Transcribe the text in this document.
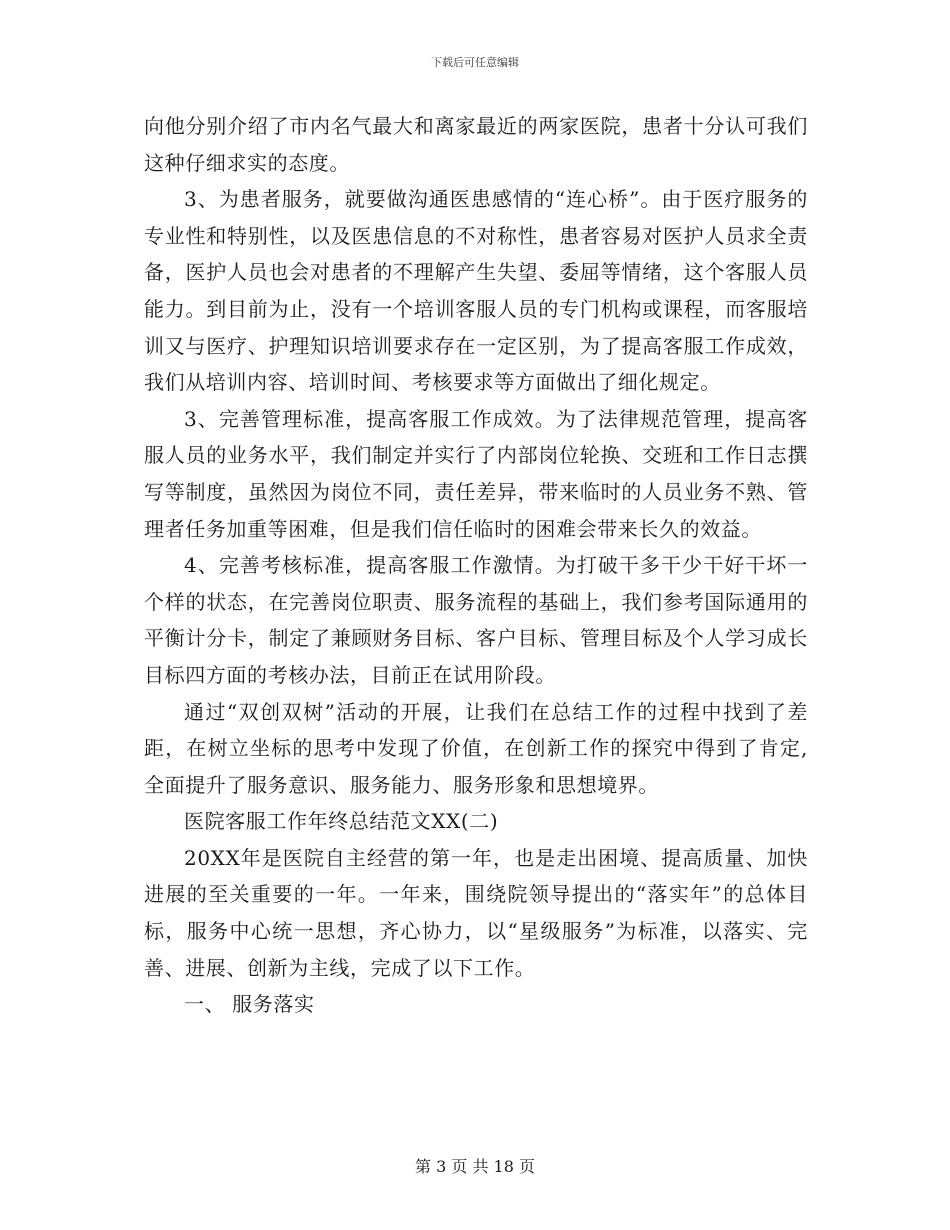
下载后可任意编辑

向他分别介绍了市内名气最大和离家最近的两家医院，患者十分认可我们这种仔细求实的态度。

3、为患者服务，就要做沟通医患感情的“连心桥”。由于医疗服务的专业性和特别性，以及医患信息的不对称性，患者容易对医护人员求全责备，医护人员也会对患者的不理解产生失望、委屈等情绪，这个客服人员能力。到目前为止，没有一个培训客服人员的专门机构或课程，而客服培训又与医疗、护理知识培训要求存在一定区别，为了提高客服工作成效，我们从培训内容、培训时间、考核要求等方面做出了细化规定。

3、完善管理标准，提高客服工作成效。为了法律规范管理，提高客服人员的业务水平，我们制定并实行了内部岗位轮换、交班和工作日志撰写等制度，虽然因为岗位不同，责任差异，带来临时的人员业务不熟、管理者任务加重等困难，但是我们信任临时的困难会带来长久的效益。

4、完善考核标准，提高客服工作激情。为打破干多干少干好干坏一个样的状态，在完善岗位职责、服务流程的基础上，我们参考国际通用的平衡计分卡，制定了兼顾财务目标、客户目标、管理目标及个人学习成长目标四方面的考核办法，目前正在试用阶段。

通过“双创双树”活动的开展，让我们在总结工作的过程中找到了差距，在树立坐标的思考中发现了价值，在创新工作的探究中得到了肯定,全面提升了服务意识、服务能力、服务形象和思想境界。

医院客服工作年终总结范文XX(二)

20XX年是医院自主经营的第一年，也是走出困境、提高质量、加快进展的至关重要的一年。一年来，围绕院领导提出的“落实年”的总体目标，服务中心统一思想，齐心协力，以“星级服务”为标准，以落实、完善、进展、创新为主线，完成了以下工作。

一、 服务落实

第 3 页 共 18 页
